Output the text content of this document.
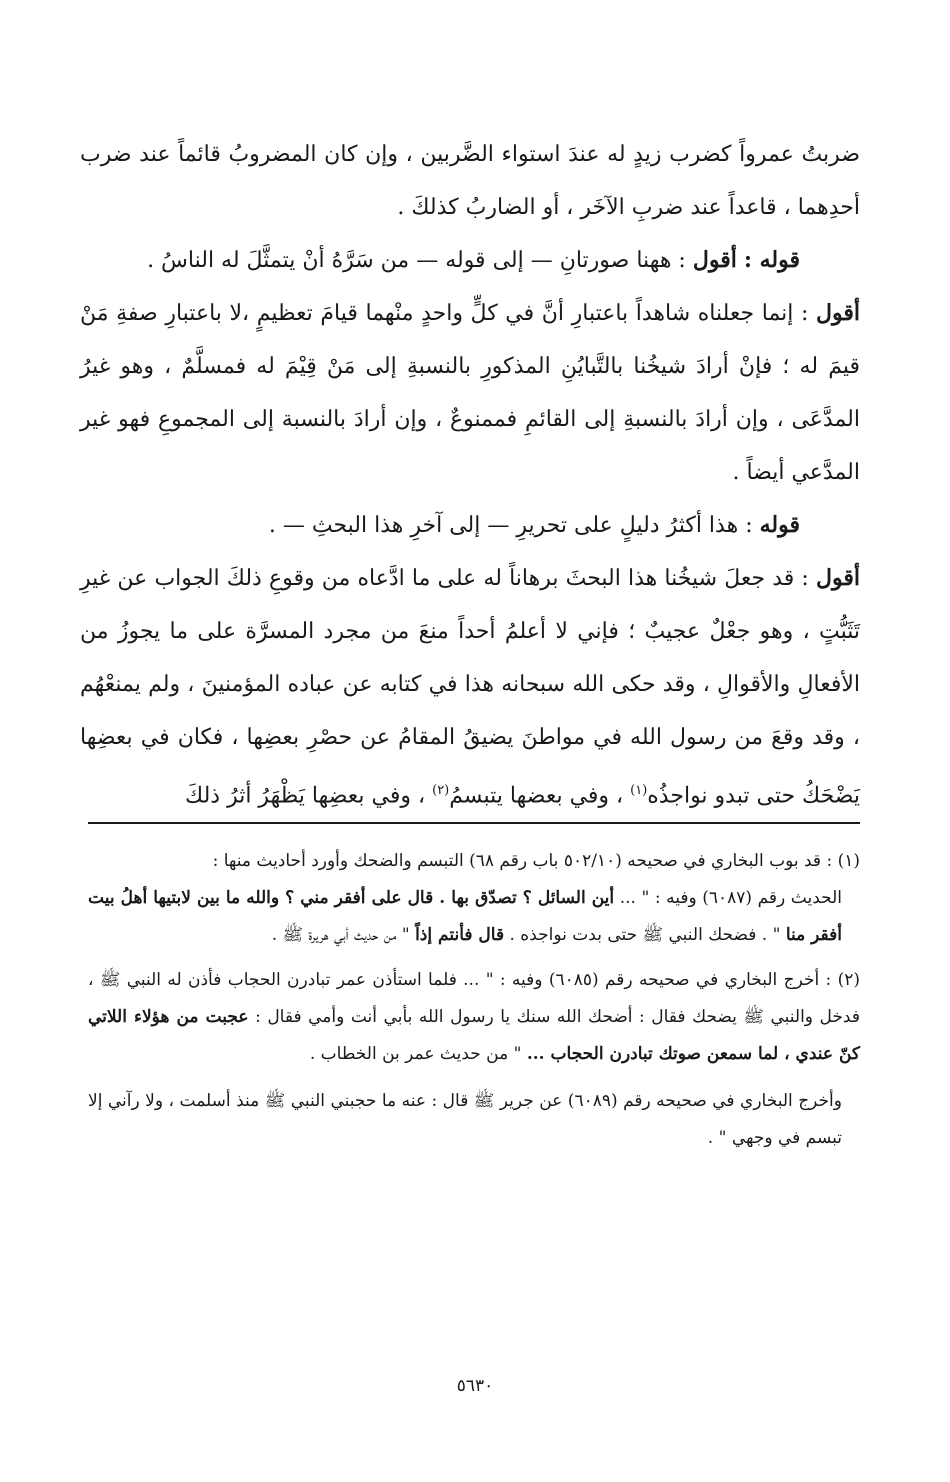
ضربتُ عمرواً كضرب زيدٍ له عندَ استواء الضَّربين ، وإن كان المضروبُ قائماً عند ضرب أحدِهما ، قاعداً عند ضربِ الآخَر ، أو الضاربُ كذلكَ .

قوله : أقول : ههنا صورتانِ — إلى قوله — من سَرَّهُ أنْ يتمثَّلَ له الناسُ .

أقول : إنما جعلناه شاهداً باعتبارِ أنَّ في كلٍّ واحدٍ منْهما قيامَ تعظيمٍ ،لا باعتبارِ صفةِ مَنْ قيمَ له ؛ فإنْ أرادَ شيخُنا بالتَّبايُنِ المذكورِ بالنسبةِ إلى مَنْ قِيْمَ له فمسلَّمٌ ، وهو غيرُ المدَّعَى ، وإن أرادَ بالنسبةِ إلى القائمِ فممنوعٌ ، وإن أرادَ بالنسبة إلى المجموعِ فهو غير المدَّعي أيضاً .

قوله : هذا أكثرُ دليلٍ على تحريرِ — إلى آخرِ هذا البحثِ — .

أقول : قد جعلَ شيخُنا هذا البحثَ برهاناً له على ما ادَّعاه من وقوعِ ذلكَ الجواب عن غيرِ تَثَبُّتٍ ، وهو جعْلٌ عجيبٌ ؛ فإني لا أعلمُ أحداً منعَ من مجرد المسرَّة على ما يجوزُ من الأفعالِ والأقوالِ ، وقد حكى الله سبحانه هذا في كتابه عن عباده المؤمنينَ ، ولم يمنعْهُم ، وقد وقعَ من رسول الله في مواطنَ يضيقُ المقامُ عن حصْرِ بعضِها ، فكان في بعضِها يَضْحَكُ حتى تبدو نواجذُه$^{(١)}$ ، وفي بعضها يتبسمُ$^{(٢)}$ ، وفي بعضِها يَظْهَرُ أثرُ ذلكَ

(١) : قد بوب البخاري في صحيحه (٥٠٢/١٠ باب رقم ٦٨) التبسم والضحك وأورد أحاديث منها :
الحديث رقم (٦٠٨٧) وفيه : " ... أين السائل ؟ تصدّق بها . قال على أفقر مني ؟ والله ما بين لابتيها أهلُ بيت أفقر منا " . فضحك النبي ﷺ حتى بدت نواجذه . قال فأنتم إذاً " من حديث أبي هريرة ﷺ .
(٢) : أخرج البخاري في صحيحه رقم (٦٠٨٥) وفيه : " ... فلما استأذن عمر تبادرن الحجاب فأذن له النبي ﷺ ، فدخل والنبي ﷺ يضحك فقال : أضحك الله سنك يا رسول الله بأبي أنت وأمي فقال : عجبت من هؤلاء اللاتي كنّ عندي ، لما سمعن صوتك تبادرن الحجاب ... " من حديث عمر بن الخطاب .
وأخرج البخاري في صحيحه رقم (٦٠٨٩) عن جرير ﷺ قال : عنه ما حجبني النبي ﷺ منذ أسلمت ، ولا رآني إلا تبسم في وجهي " .
٥٦٣٠
